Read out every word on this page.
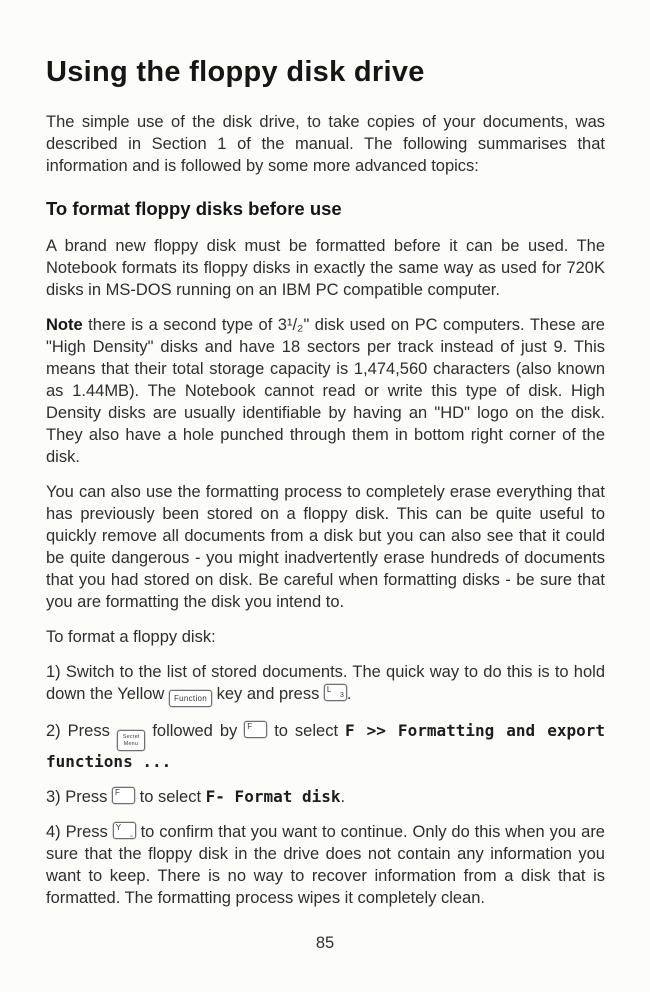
Using the floppy disk drive

The simple use of the disk drive, to take copies of your documents, was described in Section 1 of the manual. The following summarises that information and is followed by some more advanced topics:

To format floppy disks before use

A brand new floppy disk must be formatted before it can be used. The Notebook formats its floppy disks in exactly the same way as used for 720K disks in MS-DOS running on an IBM PC compatible computer.

Note there is a second type of 3¹/₂" disk used on PC computers. These are "High Density" disks and have 18 sectors per track instead of just 9. This means that their total storage capacity is 1,474,560 characters (also known as 1.44MB). The Notebook cannot read or write this type of disk. High Density disks are usually identifiable by having an "HD" logo on the disk. They also have a hole punched through them in bottom right corner of the disk.

You can also use the formatting process to completely erase everything that has previously been stored on a floppy disk. This can be quite useful to quickly remove all documents from a disk but you can also see that it could be quite dangerous - you might inadvertently erase hundreds of documents that you had stored on disk. Be careful when formatting disks - be sure that you are formatting the disk you intend to.

To format a floppy disk:

1) Switch to the list of stored documents. The quick way to do this is to hold down the Yellow Function key and press L
3 .

2) Press Secret
Menu
followed by F to select F >> Formatting and export functions ...

3) Press F to select F- Format disk.

4) Press Y
˷ to confirm that you want to continue. Only do this when you are sure that the floppy disk in the drive does not contain any information you want to keep. There is no way to recover information from a disk that is formatted. The formatting process wipes it completely clean.

85
